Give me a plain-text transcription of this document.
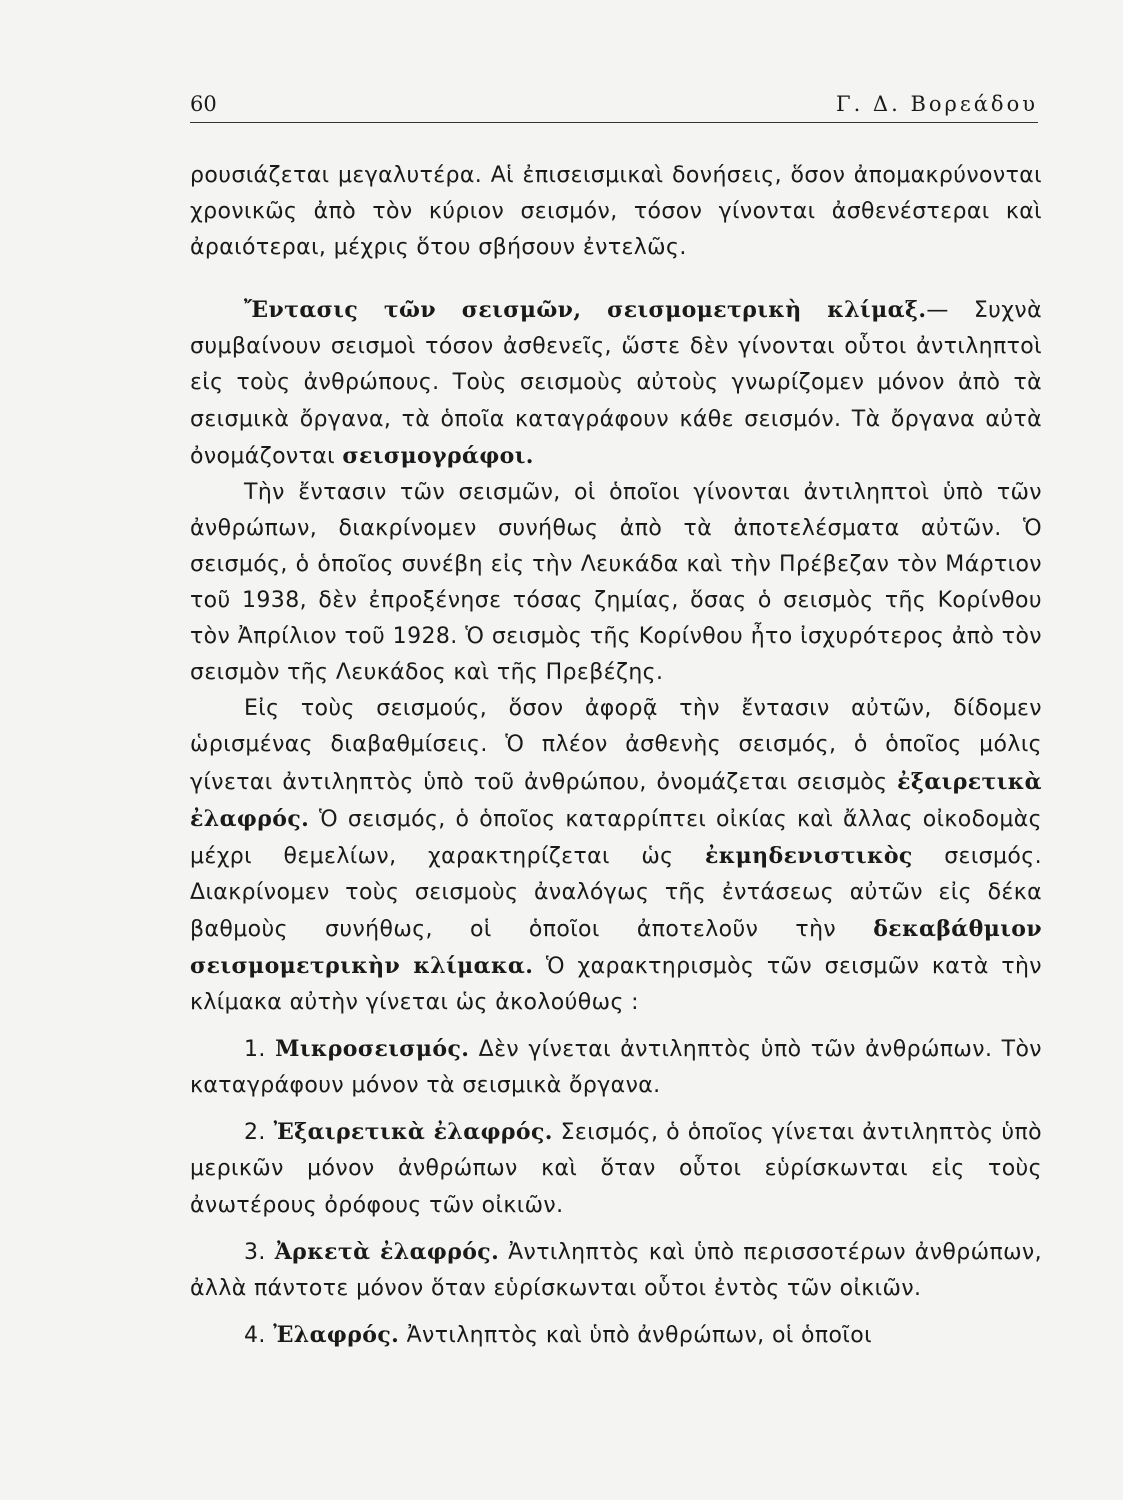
60	Γ. Δ. Βορεάδου

ρουσιάζεται μεγαλυτέρα. Αἱ ἐπισεισμικαὶ δονήσεις, ὅσον ἀπομακρύνονται χρονικῶς ἀπὸ τὸν κύριον σεισμόν, τόσον γίνονται ἀσθενέστεραι καὶ ἀραιότεραι, μέχρις ὅτου σβήσουν ἐντελῶς.

Ἔντασις τῶν σεισμῶν, σεισμομετρικὴ κλίμαξ.— Συχνὰ συμβαίνουν σεισμοὶ τόσον ἀσθενεῖς, ὥστε δὲν γίνονται οὗτοι ἀντιληπτοὶ εἰς τοὺς ἀνθρώπους. Τοὺς σεισμοὺς αὐτοὺς γνωρίζομεν μόνον ἀπὸ τὰ σεισμικὰ ὄργανα, τὰ ὁποῖα καταγράφουν κάθε σεισμόν. Τὰ ὄργανα αὐτὰ ὀνομάζονται σεισμογράφοι.

Τὴν ἔντασιν τῶν σεισμῶν, οἱ ὁποῖοι γίνονται ἀντιληπτοὶ ὑπὸ τῶν ἀνθρώπων, διακρίνομεν συνήθως ἀπὸ τὰ ἀποτελέσματα αὐτῶν. Ὁ σεισμός, ὁ ὁποῖος συνέβη εἰς τὴν Λευκάδα καὶ τὴν Πρέβεζαν τὸν Μάρτιον τοῦ 1938, δὲν ἐπροξένησε τόσας ζημίας, ὅσας ὁ σεισμὸς τῆς Κορίνθου τὸν Ἀπρίλιον τοῦ 1928. Ὁ σεισμὸς τῆς Κορίνθου ἦτο ἰσχυρότερος ἀπὸ τὸν σεισμὸν τῆς Λευκάδος καὶ τῆς Πρεβέζης.

Εἰς τοὺς σεισμούς, ὅσον ἀφορᾷ τὴν ἔντασιν αὐτῶν, δίδομεν ὡρισμένας διαβαθμίσεις. Ὁ πλέον ἀσθενὴς σεισμός, ὁ ὁποῖος μόλις γίνεται ἀντιληπτὸς ὑπὸ τοῦ ἀνθρώπου, ὀνομάζεται σεισμὸς ἐξαιρετικὰ ἐλαφρός. Ὁ σεισμός, ὁ ὁποῖος καταρρίπτει οἰκίας καὶ ἄλλας οἰκοδομὰς μέχρι θεμελίων, χαρακτηρίζεται ὡς ἐκμηδενιστικὸς σεισμός. Διακρίνομεν τοὺς σεισμοὺς ἀναλόγως τῆς ἐντάσεως αὐτῶν εἰς δέκα βαθμοὺς συνήθως, οἱ ὁποῖοι ἀποτελοῦν τὴν δεκαβάθμιον σεισμομετρικὴν κλίμακα. Ὁ χαρακτηρισμὸς τῶν σεισμῶν κατὰ τὴν κλίμακα αὐτὴν γίνεται ὡς ἀκολούθως :

1. Μικροσεισμός. Δὲν γίνεται ἀντιληπτὸς ὑπὸ τῶν ἀνθρώπων. Τὸν καταγράφουν μόνον τὰ σεισμικὰ ὄργανα.

2. Ἐξαιρετικὰ ἐλαφρός. Σεισμός, ὁ ὁποῖος γίνεται ἀντιληπτὸς ὑπὸ μερικῶν μόνον ἀνθρώπων καὶ ὅταν οὗτοι εὑρίσκωνται εἰς τοὺς ἀνωτέρους ὀρόφους τῶν οἰκιῶν.

3. Ἀρκετὰ ἐλαφρός. Ἀντιληπτὸς καὶ ὑπὸ περισσοτέρων ἀνθρώπων, ἀλλὰ πάντοτε μόνον ὅταν εὑρίσκωνται οὗτοι ἐντὸς τῶν οἰκιῶν.

4. Ἐλαφρός. Ἀντιληπτὸς καὶ ὑπὸ ἀνθρώπων, οἱ ὁποῖοι
